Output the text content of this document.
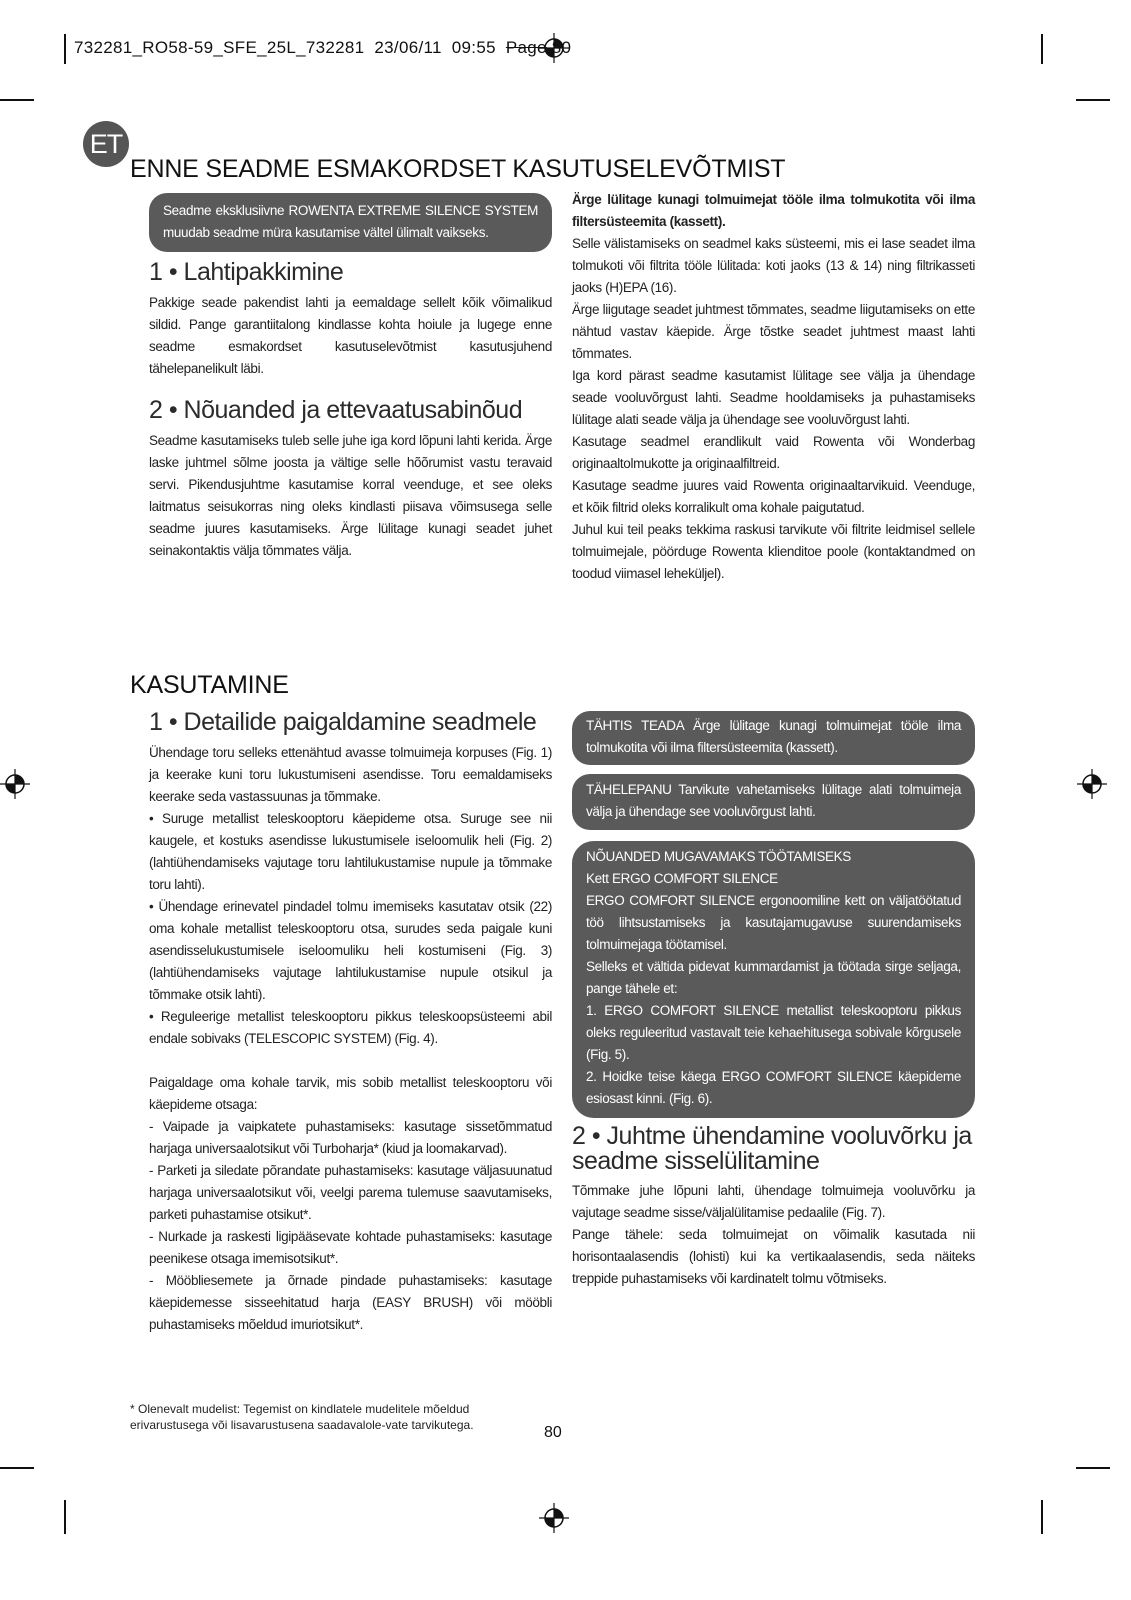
732281_RO58-59_SFE_25L_732281  23/06/11  09:55  Page 80
ET
ENNE SEADME ESMAKORDSET KASUTUSELEVÕTMIST

Seadme eksklusiivne ROWENTA EXTREME SILENCE SYSTEM muudab seadme müra kasutamise vältel ülimalt vaikseks.

1 • Lahtipakkimine

Pakkige seade pakendist lahti ja eemaldage sellelt kõik võimalikud sildid. Pange garantiitalong kindlasse kohta hoiule ja lugege enne seadme esmakordset kasutuselevõtmist kasutusjuhend tähelepanelikult läbi.

2 • Nõuanded ja ettevaatusabinõud

Seadme kasutamiseks tuleb selle juhe iga kord lõpuni lahti kerida. Ärge laske juhtmel sõlme joosta ja vältige selle hõõrumist vastu teravaid servi. Pikendusjuhtme kasutamise korral veenduge, et see oleks laitmatus seisukorras ning oleks kindlasti piisava võimsusega selle seadme juures kasutamiseks. Ärge lülitage kunagi seadet juhet seinakontaktis välja tõmmates välja.

Ärge lülitage kunagi tolmuimejat tööle ilma tolmukotita või ilma filtersüsteemita (kassett).

Selle välistamiseks on seadmel kaks süsteemi, mis ei lase seadet ilma tolmukoti või filtrita tööle lülitada: koti jaoks (13 & 14) ning filtrikasseti jaoks (H)EPA (16).

Ärge liigutage seadet juhtmest tõmmates, seadme liigutamiseks on ette nähtud vastav käepide. Ärge tõstke seadet juhtmest maast lahti tõmmates.

Iga kord pärast seadme kasutamist lülitage see välja ja ühendage seade vooluvõrgust lahti. Seadme hooldamiseks ja puhastamiseks lülitage alati seade välja ja ühendage see vooluvõrgust lahti.

Kasutage seadmel erandlikult vaid Rowenta või Wonderbag originaaltolmukotte ja originaalfiltreid.

Kasutage seadme juures vaid Rowenta originaaltarvikuid. Veenduge, et kõik filtrid oleks korralikult oma kohale paigutatud.

Juhul kui teil peaks tekkima raskusi tarvikute või filtrite leidmisel sellele tolmuimejale, pöörduge Rowenta klienditoe poole (kontaktandmed on toodud viimasel leheküljel).

KASUTAMINE
1 • Detailide paigaldamine seadmele

Ühendage toru selleks ettenähtud avasse tolmuimeja korpuses (Fig. 1) ja keerake kuni toru lukustumiseni asendisse. Toru eemaldamiseks keerake seda vastassuunas ja tõmmake.

• Suruge metallist teleskooptoru käepideme otsa. Suruge see nii kaugele, et kostuks asendisse lukustumisele iseloomulik heli (Fig. 2) (lahtiühendamiseks vajutage toru lahtilukustamise nupule ja tõmmake toru lahti).

• Ühendage erinevatel pindadel tolmu imemiseks kasutatav otsik (22) oma kohale metallist teleskooptoru otsa, surudes seda paigale kuni asendisselukustumisele iseloomuliku heli kostumiseni (Fig. 3) (lahtiühendamiseks vajutage lahtilukustamise nupule otsikul ja tõmmake otsik lahti).

• Reguleerige metallist teleskooptoru pikkus teleskoopsüsteemi abil endale sobivaks (TELESCOPIC SYSTEM) (Fig. 4).

Paigaldage oma kohale tarvik, mis sobib metallist teleskooptoru või käepideme otsaga:

- Vaipade ja vaipkatete puhastamiseks: kasutage sissetõmmatud harjaga universaalotsikut või Turboharja* (kiud ja loomakarvad).

- Parketi ja siledate põrandate puhastamiseks: kasutage väljasuunatud harjaga universaalotsikut või, veelgi parema tulemuse saavutamiseks, parketi puhastamise otsikut*.

- Nurkade ja raskesti ligipääsevate kohtade puhastamiseks: kasutage peenikese otsaga imemisotsikut*.

- Mööbliesemete ja õrnade pindade puhastamiseks: kasutage käepidemesse sisseehitatud harja (EASY BRUSH) või mööbli puhastamiseks mõeldud imuriotsikut*.

TÄHTIS TEADA Ärge lülitage kunagi tolmuimejat tööle ilma tolmukotita või ilma filtersüsteemita (kassett).

TÄHELEPANU Tarvikute vahetamiseks lülitage alati tolmuimeja välja ja ühendage see vooluvõrgust lahti.

NÕUANDED MUGAVAMAKS TÖÖTAMISEKS

Kett ERGO COMFORT SILENCE

ERGO COMFORT SILENCE ergonoomiline kett on väljatöötatud töö lihtsustamiseks ja kasutajamugavuse suurendamiseks tolmuimejaga töötamisel.

Selleks et vältida pidevat kummardamist ja töötada sirge seljaga, pange tähele et:

1. ERGO COMFORT SILENCE metallist teleskooptoru pikkus oleks reguleeritud vastavalt teie kehaehitusega sobivale kõrgusele (Fig. 5).

2. Hoidke teise käega ERGO COMFORT SILENCE käepideme esiosast kinni. (Fig. 6).

2 • Juhtme ühendamine vooluvõrku ja seadme sisselülitamine

Tõmmake juhe lõpuni lahti, ühendage tolmuimeja vooluvõrku ja vajutage seadme sisse/väljalülitamise pedaalile (Fig. 7).

Pange tähele: seda tolmuimejat on võimalik kasutada nii horisontaalasendis (lohisti) kui ka vertikaalasendis, seda näiteks treppide puhastamiseks või kardinatelt tolmu võtmiseks.

* Olenevalt mudelist: Tegemist on kindlatele mudelitele mõeldud erivarustusega või lisavarustusena saadavalole-vate tarvikutega.	80
